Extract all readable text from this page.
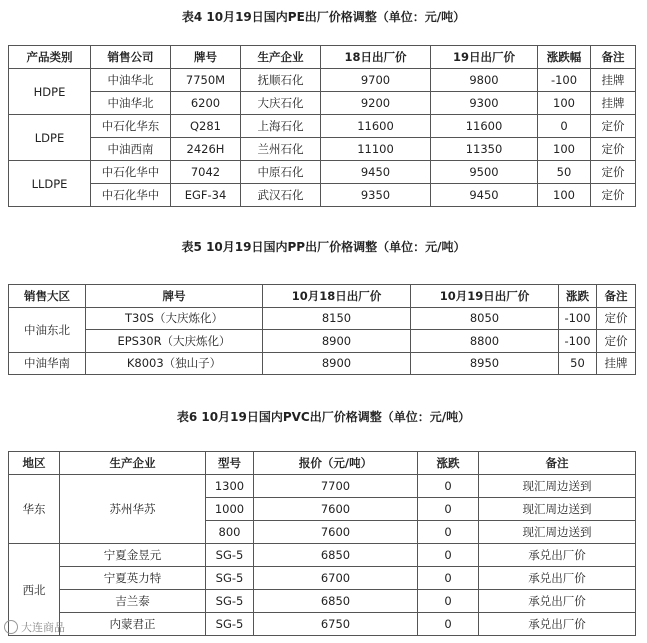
表4 10月19日国内PE出厂价格调整（单位：元/吨）
产品类别	销售公司	牌号	生产企业	18日出厂价	19日出厂价	涨跌幅	备注
HDPE	中油华北	7750M	抚顺石化	9700	9800	-100	挂牌
	中油华北	6200	大庆石化	9200	9300	100	挂牌
LDPE	中石化华东	Q281	上海石化	11600	11600	0	定价
	中油西南	2426H	兰州石化	11100	11350	100	定价
LLDPE	中石化华中	7042	中原石化	9450	9500	50	定价
	中石化华中	EGF-34	武汉石化	9350	9450	100	定价
表5 10月19日国内PP出厂价格调整（单位：元/吨）
销售大区	牌号	10月18日出厂价	10月19日出厂价	涨跌	备注
中油东北	T30S（大庆炼化）	8150	8050	-100	定价
	EPS30R（大庆炼化）	8900	8800	-100	定价
中油华南	K8003（独山子）	8900	8950	50	挂牌
表6 10月19日国内PVC出厂价格调整（单位：元/吨）
地区	生产企业	型号	报价（元/吨）	涨跌	备注
华东	苏州华苏	1300	7700	0	现汇周边送到
		1000	7600	0	现汇周边送到
		800	7600	0	现汇周边送到
西北	宁夏金昱元	SG-5	6850	0	承兑出厂价
	宁夏英力特	SG-5	6700	0	承兑出厂价
	吉兰泰	SG-5	6850	0	承兑出厂价
	内蒙君正	SG-5	6750	0	承兑出厂价
大连商品
